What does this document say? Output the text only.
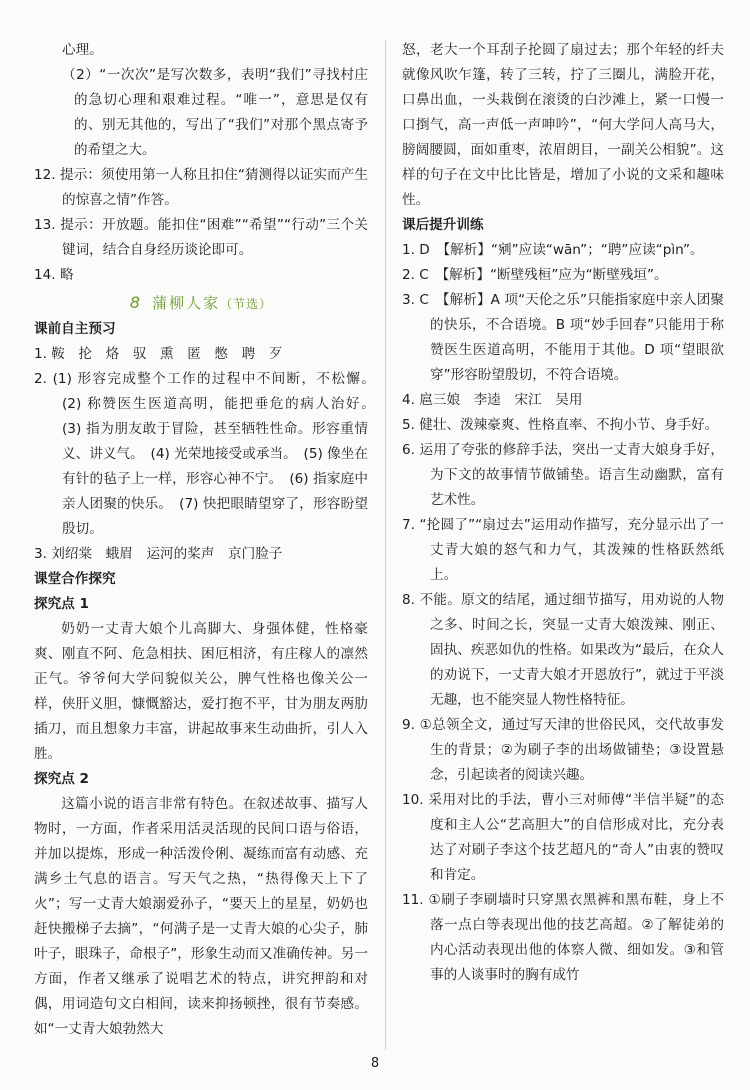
心理。

（2）“一次次”是写次数多，表明“我们”寻找村庄的急切心理和艰难过程。“唯一”，意思是仅有的、别无其他的，写出了“我们”对那个黑点寄予的希望之大。

12. 提示：须使用第一人称且扣住“猜测得以证实而产生的惊喜之情”作答。

13. 提示：开放题。能扣住“困难”“希望”“行动”三个关键词，结合自身经历谈论即可。

14. 略

8 蒲柳人家（节选）

课前自主预习

1. 鞍　抡　烙　驭　熏　匿　憋　聘　歹

2. (1) 形容完成整个工作的过程中不间断，不松懈。　(2) 称赞医生医道高明，能把垂危的病人治好。　(3) 指为朋友敢于冒险，甚至牺牲性命。形容重情义、讲义气。　(4) 光荣地接受或承当。　(5) 像坐在有针的毡子上一样，形容心神不宁。　(6) 指家庭中亲人团聚的快乐。　(7) 快把眼睛望穿了，形容盼望殷切。

3. 刘绍棠　蛾眉　运河的桨声　京门脸子

课堂合作探究

探究点 1

奶奶一丈青大娘个儿高脚大、身强体健，性格豪爽、刚直不阿、危急相扶、困厄相济，有庄稼人的凛然正气。爷爷何大学问貌似关公，脾气性格也像关公一样，侠肝义胆，慷慨豁达，爱打抱不平，甘为朋友两肋插刀，而且想象力丰富，讲起故事来生动曲折，引人入胜。

探究点 2

这篇小说的语言非常有特色。在叙述故事、描写人物时，一方面，作者采用活灵活现的民间口语与俗语，并加以提炼，形成一种活泼伶俐、凝练而富有动感、充满乡土气息的语言。写天气之热，“热得像天上下了火”；写一丈青大娘溺爱孙子，“要天上的星星，奶奶也赶快搬梯子去摘”，“何满子是一丈青大娘的心尖子，肺叶子，眼珠子，命根子”，形象生动而又准确传神。另一方面，作者又继承了说唱艺术的特点，讲究押韵和对偶，用词造句文白相间，读来抑扬顿挫，很有节奏感。如“一丈青大娘勃然大

怒，老大一个耳刮子抡圆了扇过去；那个年轻的纤夫就像风吹乍篷，转了三转，拧了三圈儿，满脸开花，口鼻出血，一头栽倒在滚烫的白沙滩上，紧一口慢一口捯气，高一声低一声呻吟”，“何大学问人高马大，膀阔腰圆，面如重枣，浓眉朗目，一副关公相貌”。这样的句子在文中比比皆是，增加了小说的文采和趣味性。

课后提升训练

1. D　【解析】“剜”应读“wān”；“聘”应读“pìn”。

2. C　【解析】“断壁残桓”应为“断壁残垣”。

3. C　【解析】A 项“天伦之乐”只能指家庭中亲人团聚的快乐，不合语境。B 项“妙手回春”只能用于称赞医生医道高明，不能用于其他。D 项“望眼欲穿”形容盼望殷切，不符合语境。

4. 扈三娘　李逵　宋江　吴用

5. 健壮、泼辣豪爽、性格直率、不拘小节、身手好。

6. 运用了夸张的修辞手法，突出一丈青大娘身手好，为下文的故事情节做铺垫。语言生动幽默，富有艺术性。

7. “抡圆了”“扇过去”运用动作描写，充分显示出了一丈青大娘的怒气和力气，其泼辣的性格跃然纸上。

8. 不能。原文的结尾，通过细节描写，用劝说的人物之多、时间之长，突显一丈青大娘泼辣、刚正、固执、疾恶如仇的性格。如果改为“最后，在众人的劝说下，一丈青大娘才开恩放行”，就过于平淡无趣，也不能突显人物性格特征。

9. ①总领全文，通过写天津的世俗民风，交代故事发生的背景；②为刷子李的出场做铺垫；③设置悬念，引起读者的阅读兴趣。

10. 采用对比的手法，曹小三对师傅“半信半疑”的态度和主人公“艺高胆大”的自信形成对比，充分表达了对刷子李这个技艺超凡的“奇人”由衷的赞叹和肯定。

11. ①刷子李刷墙时只穿黑衣黑裤和黑布鞋，身上不落一点白等表现出他的技艺高超。②了解徒弟的内心活动表现出他的体察人微、细如发。③和管事的人谈事时的胸有成竹

8
